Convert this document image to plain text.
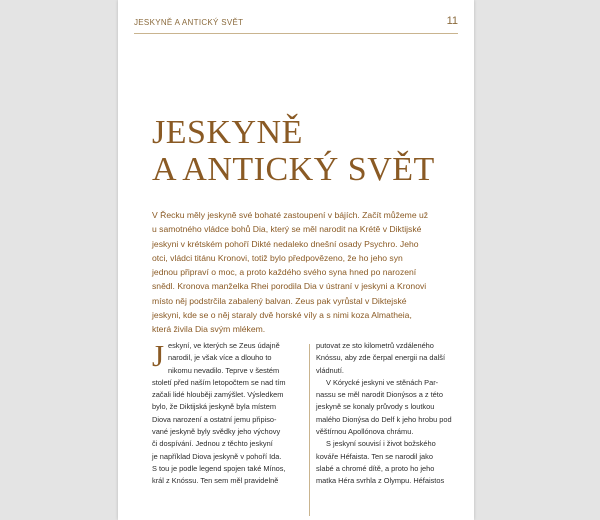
JESKYNĚ A ANTICKÝ SVĚT	11
JESKYNĚ
A ANTICKÝ SVĚT
V Řecku měly jeskyně své bohaté zastoupení v bájích. Začít můžeme už
u samotného vládce bohů Dia, který se měl narodit na Krétě v Diktijské
jeskyni v krétském pohoří Dikté nedaleko dnešní osady Psychro. Jeho
otci, vládci titánu Kronovi, totiž bylo předpovězeno, že ho jeho syn
jednou připraví o moc, a proto každého svého syna hned po narození
snědl. Kronova manželka Rhei porodila Dia v ústraní v jeskyni a Kronovi
místo něj podstrčila zabalený balvan. Zeus pak vyrůstal v Diktejské
jeskyni, kde se o něj staraly dvě horské víly a s nimi koza Almatheia,
která živila Dia svým mlékem.
J eskyní, ve kterých se Zeus údajně
narodil, je však více a dlouho to
nikomu nevadilo. Teprve v šestém
století před naším letopočtem se nad tím
začali lidé hlouběji zamýšlet. Výsledkem
bylo, že Diktijská jeskyně byla místem
Diova narození a ostatní jemu připiso-
vané jeskyně byly svědky jeho výchovy
či dospívání. Jednou z těchto jeskyní
je například Diova jeskyně v pohoří Ida.
S tou je podle legend spojen také Mínos,
král z Knóssu. Ten sem měl pravidelně
putovat ze sto kilometrů vzdáleného
Knóssu, aby zde čerpal energii na další
vládnutí.
V Kórycké jeskyni ve stěnách Par-
nassu se měl narodit Dionýsos a z této
jeskyně se konaly průvody s loutkou
malého Dionýsa do Delf k jeho hrobu pod
věštírnou Apollónova chrámu.
S jeskyní souvisí i život božského
kováře Héfaista. Ten se narodil jako
slabé a chromé dítě, a proto ho jeho
matka Héra svrhla z Olympu. Héfaistos
